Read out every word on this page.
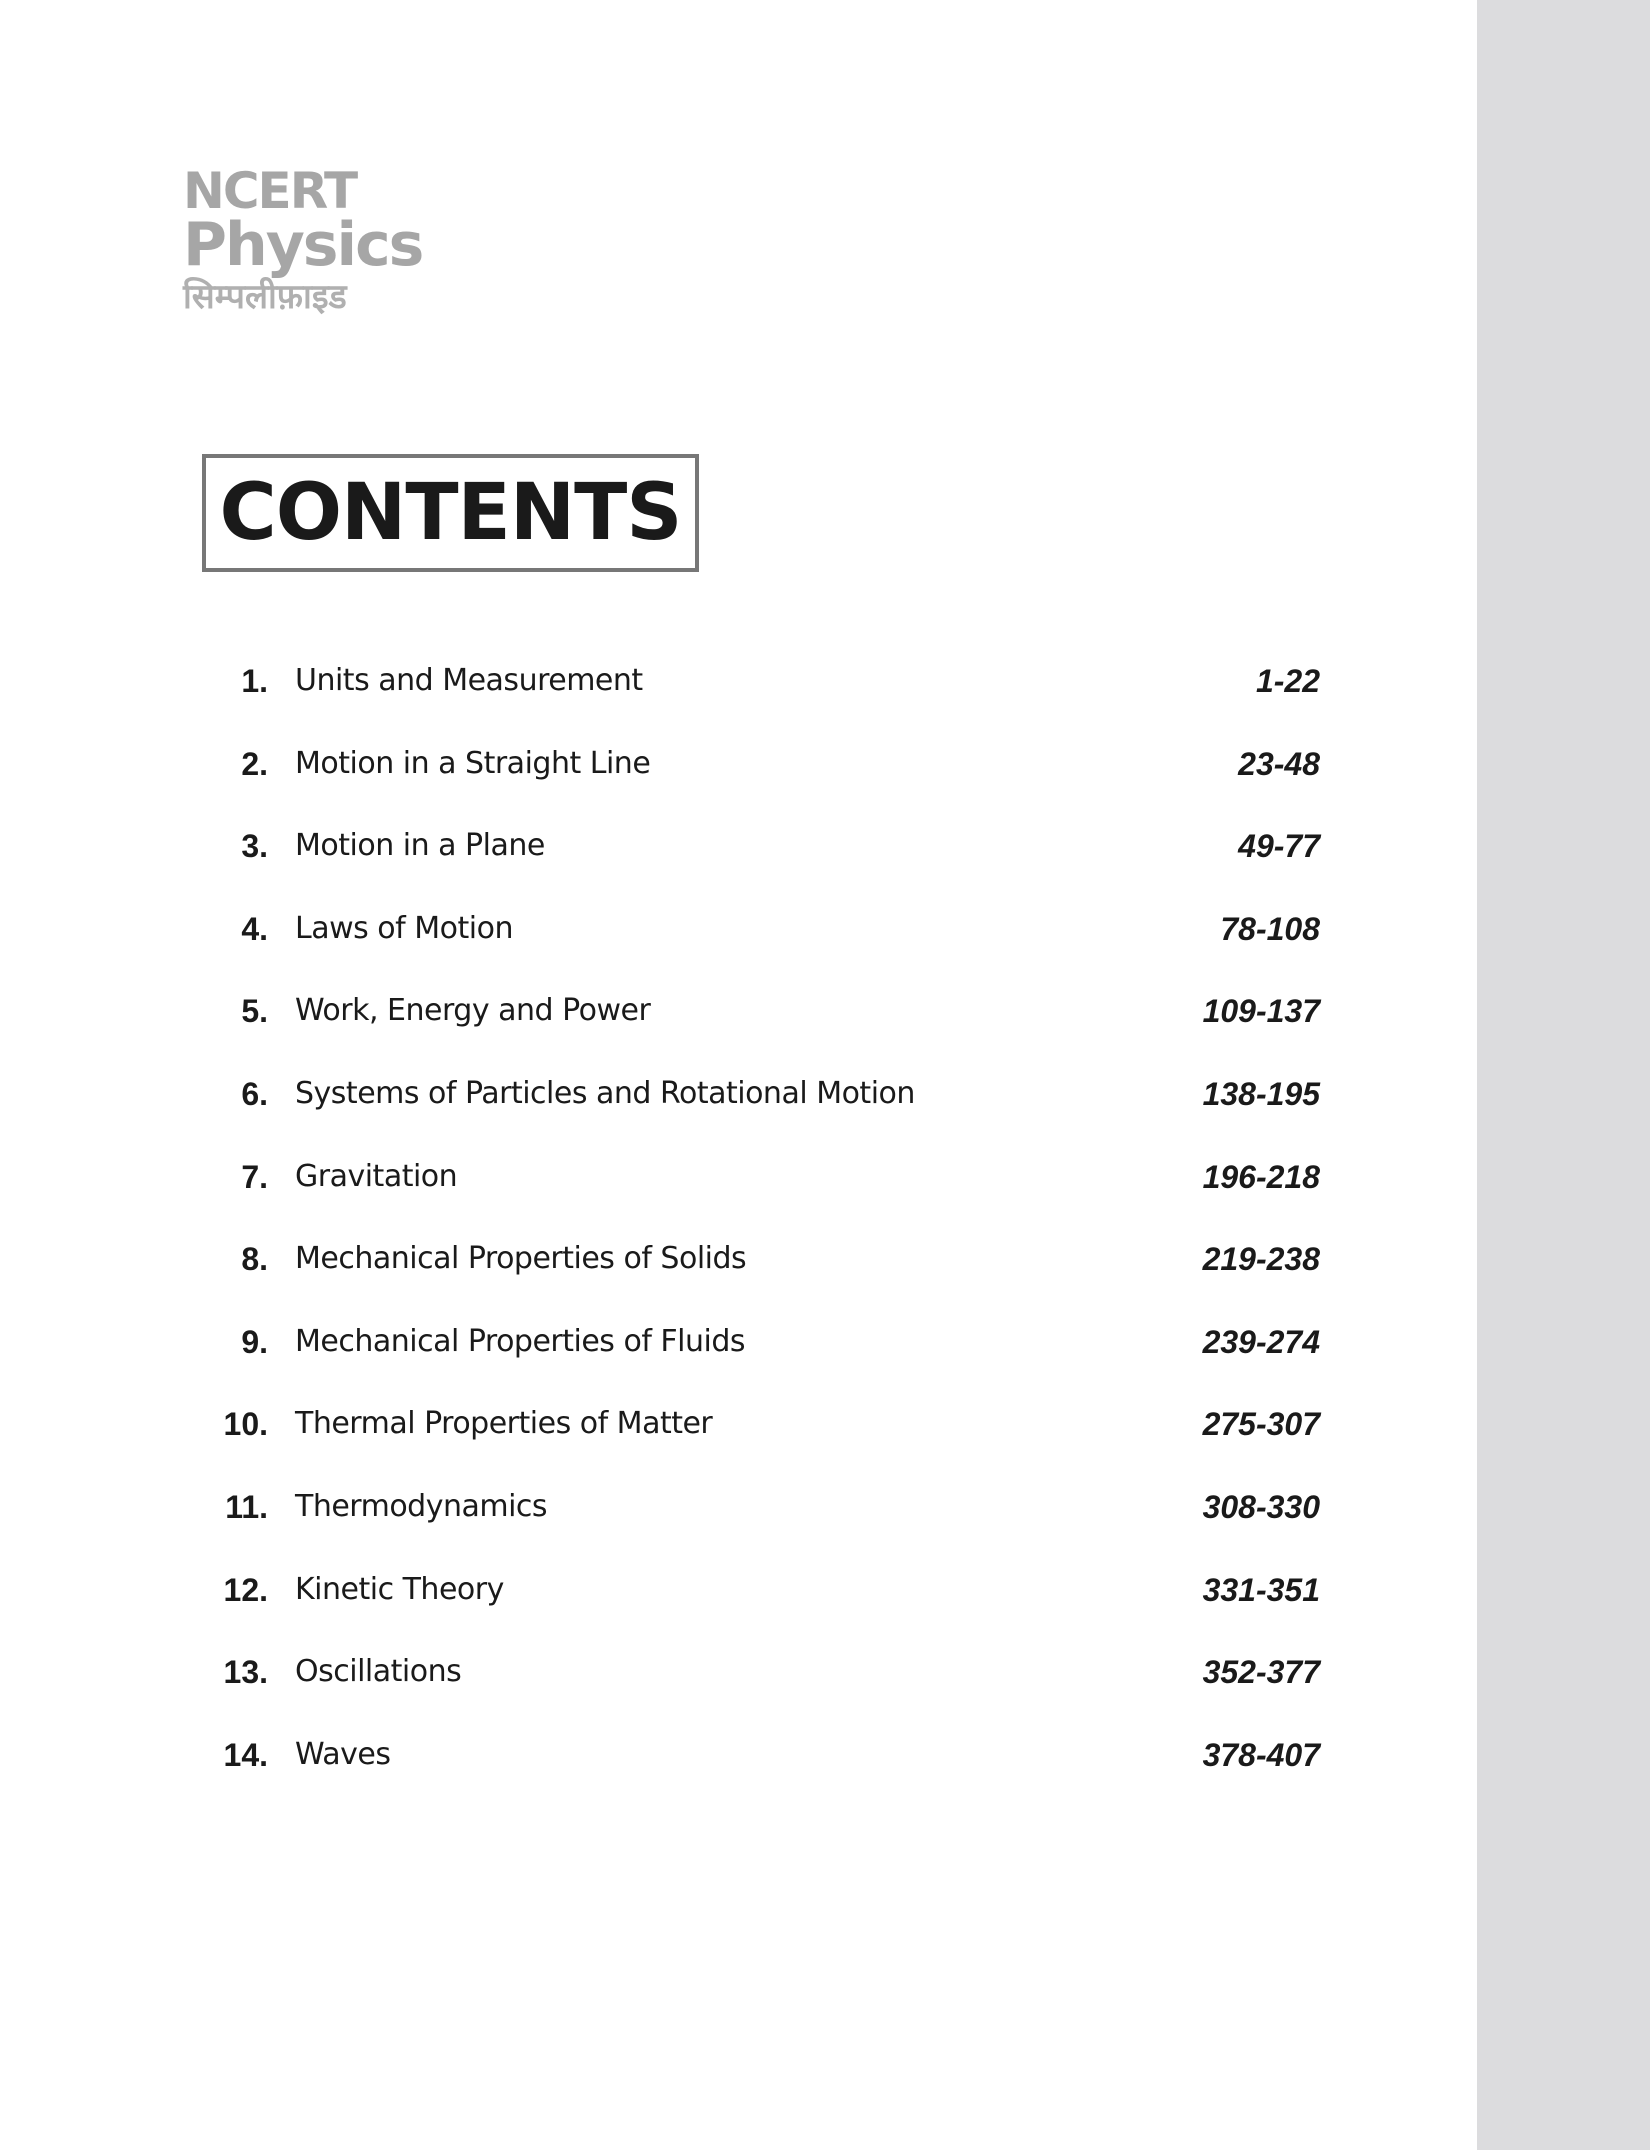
NCERT
Physics
सिम्पलीफ़ाइड
CONTENTS
1. Units and Measurement	1-22
2. Motion in a Straight Line	23-48
3. Motion in a Plane	49-77
4. Laws of Motion	78-108
5. Work, Energy and Power	109-137
6. Systems of Particles and Rotational Motion	138-195
7. Gravitation	196-218
8. Mechanical Properties of Solids	219-238
9. Mechanical Properties of Fluids	239-274
10. Thermal Properties of Matter	275-307
11. Thermodynamics	308-330
12. Kinetic Theory	331-351
13. Oscillations	352-377
14. Waves	378-407
